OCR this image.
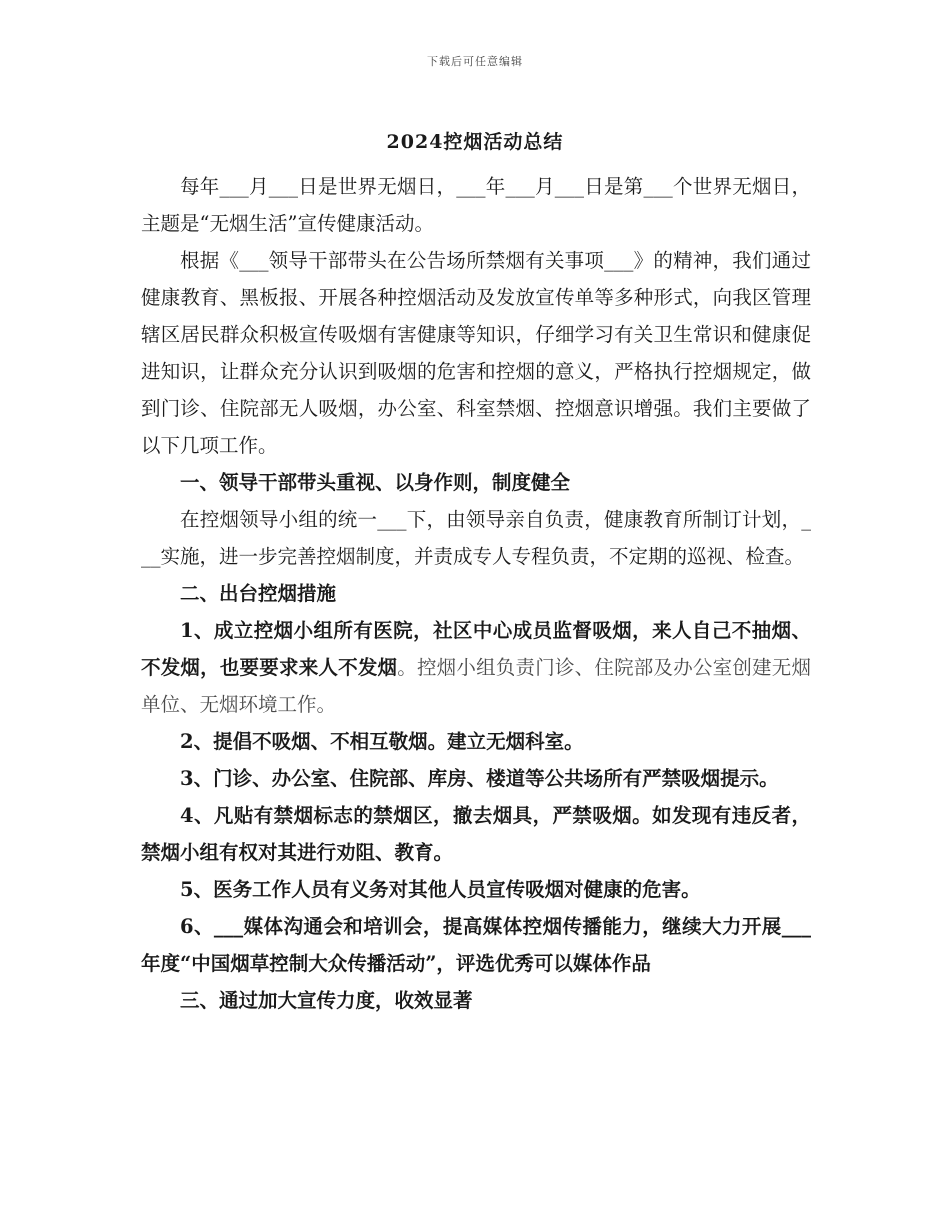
下载后可任意编辑
2024控烟活动总结

每年___月___日是世界无烟日，___年___月___日是第___个世界无烟日，主题是“无烟生活”宣传健康活动。

根据《___领导干部带头在公告场所禁烟有关事项___》的精神，我们通过健康教育、黑板报、开展各种控烟活动及发放宣传单等多种形式，向我区管理辖区居民群众积极宣传吸烟有害健康等知识，仔细学习有关卫生常识和健康促进知识，让群众充分认识到吸烟的危害和控烟的意义，严格执行控烟规定，做到门诊、住院部无人吸烟，办公室、科室禁烟、控烟意识增强。我们主要做了以下几项工作。

一、领导干部带头重视、以身作则，制度健全

在控烟领导小组的统一___下，由领导亲自负责，健康教育所制订计划，___实施，进一步完善控烟制度，并责成专人专程负责，不定期的巡视、检查。

二、出台控烟措施

1、成立控烟小组所有医院，社区中心成员监督吸烟，来人自己不抽烟、不发烟，也要要求来人不发烟。控烟小组负责门诊、住院部及办公室创建无烟单位、无烟环境工作。

2、提倡不吸烟、不相互敬烟。建立无烟科室。

3、门诊、办公室、住院部、库房、楼道等公共场所有严禁吸烟提示。

4、凡贴有禁烟标志的禁烟区，撤去烟具，严禁吸烟。如发现有违反者，禁烟小组有权对其进行劝阻、教育。

5、医务工作人员有义务对其他人员宣传吸烟对健康的危害。

6、___媒体沟通会和培训会，提高媒体控烟传播能力，继续大力开展___年度“中国烟草控制大众传播活动”，评选优秀可以媒体作品

三、通过加大宣传力度，收效显著
